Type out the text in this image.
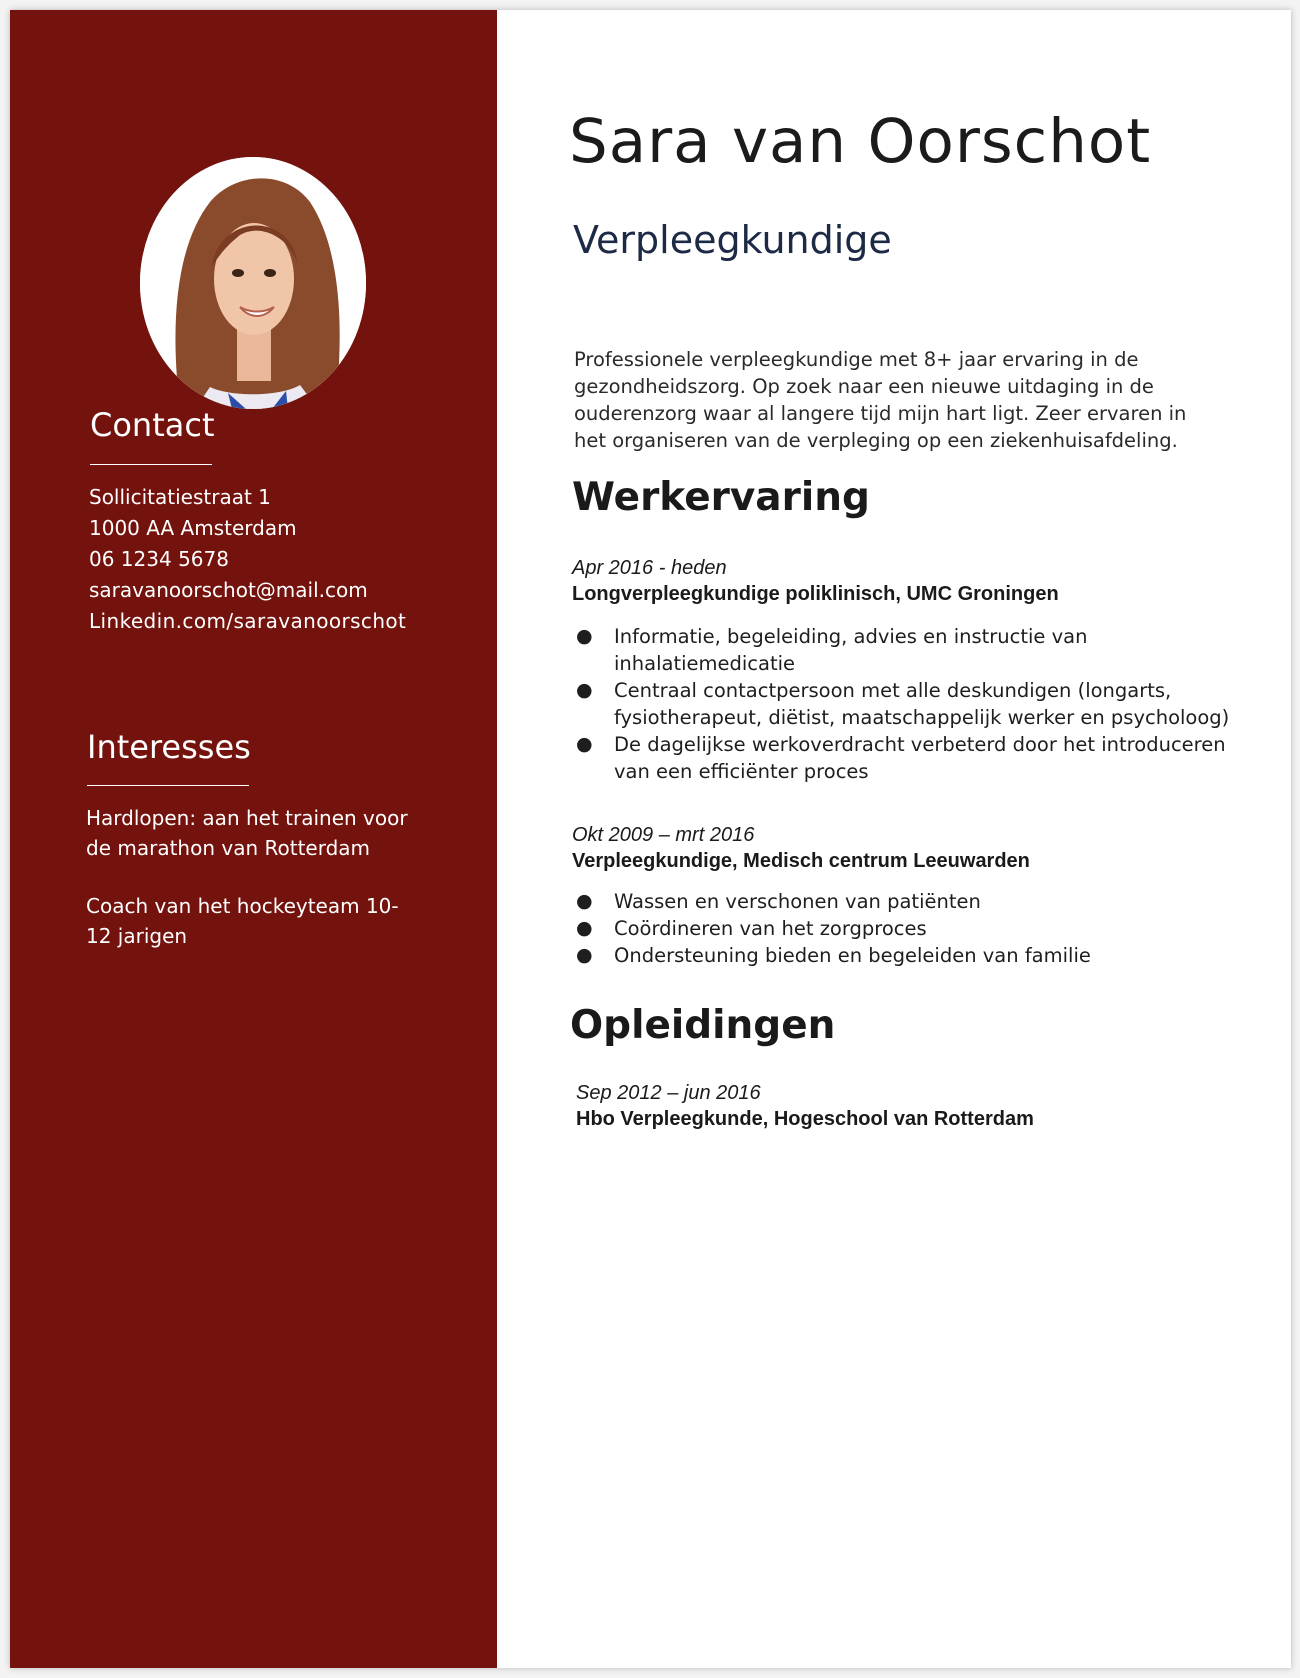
Contact
Sollicitatiestraat 1
1000 AA Amsterdam
06 1234 5678
saravanoorschot@mail.com
Linkedin.com/saravanoorschot
Interesses

Hardlopen: aan het trainen voor de marathon van Rotterdam

Coach van het hockeyteam 10-12 jarigen

Sara van Oorschot
Verpleegkundige

Professionele verpleegkundige met 8+ jaar ervaring in de gezondheidszorg. Op zoek naar een nieuwe uitdaging in de ouderenzorg waar al langere tijd mijn hart ligt. Zeer ervaren in het organiseren van de verpleging op een ziekenhuisafdeling.

Werkervaring
Apr 2016 - heden
Longverpleegkundige poliklinisch, UMC Groningen
● Informatie, begeleiding, advies en instructie van inhalatiemedicatie
● Centraal contactpersoon met alle deskundigen (longarts, fysiotherapeut, diëtist, maatschappelijk werker en psycholoog)
● De dagelijkse werkoverdracht verbeterd door het introduceren van een efficiënter proces
Okt 2009 – mrt 2016
Verpleegkundige, Medisch centrum Leeuwarden
● Wassen en verschonen van patiënten
● Coördineren van het zorgproces
● Ondersteuning bieden en begeleiden van familie
Opleidingen
Sep 2012 – jun 2016
Hbo Verpleegkunde, Hogeschool van Rotterdam
